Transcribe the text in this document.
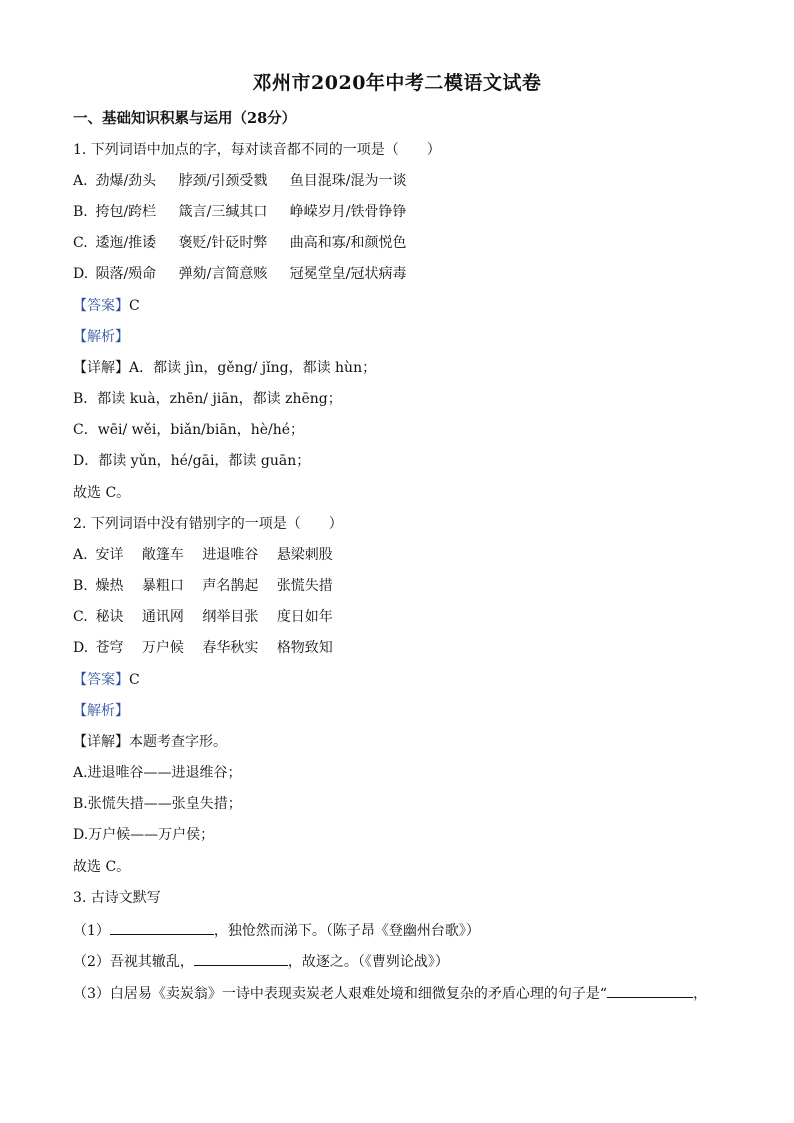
邓州市2020年中考二模语文试卷
一、基础知识积累与运用（28分）
1. 下列词语中加点的字，每对读音都不同的一项是（　　）
A. 劲爆/劲头 脖颈/引颈受戮 鱼目混珠/混为一谈
B. 挎包/跨栏 箴言/三缄其口 峥嵘岁月/铁骨铮铮
C. 逶迤/推诿 褒贬/针砭时弊 曲高和寡/和颜悦色
D. 陨落/殒命 弹劾/言简意赅 冠冕堂皇/冠状病毒
【答案】C
【解析】
【详解】A．都读 jìn，gěng/ jǐng，都读 hùn；
B．都读 kuà，zhēn/ jiān，都读 zhēng；
C．wēi/ wěi，biǎn/biān，hè/hé；
D．都读 yǔn，hé/gāi，都读 guān；
故选 C。
2. 下列词语中没有错别字的一项是（　　）
A. 安详 敞篷车 进退唯谷 悬梁刺股
B. 燥热 暴粗口 声名鹊起 张慌失措
C. 秘诀 通讯网 纲举目张 度日如年
D. 苍穹 万户候 春华秋实 格物致知
【答案】C
【解析】
【详解】本题考查字形。
A.进退唯谷——进退维谷；
B.张慌失措——张皇失措；
D.万户候——万户侯；
故选 C。
3. 古诗文默写
（1）	，独怆然而涕下。（陈子昂《登幽州台歌》）
（2）吾视其辙乱，	，故逐之。（《曹刿论战》）
（3）白居易《卖炭翁》一诗中表现卖炭老人艰难处境和细微复杂的矛盾心理的句子是“	，
